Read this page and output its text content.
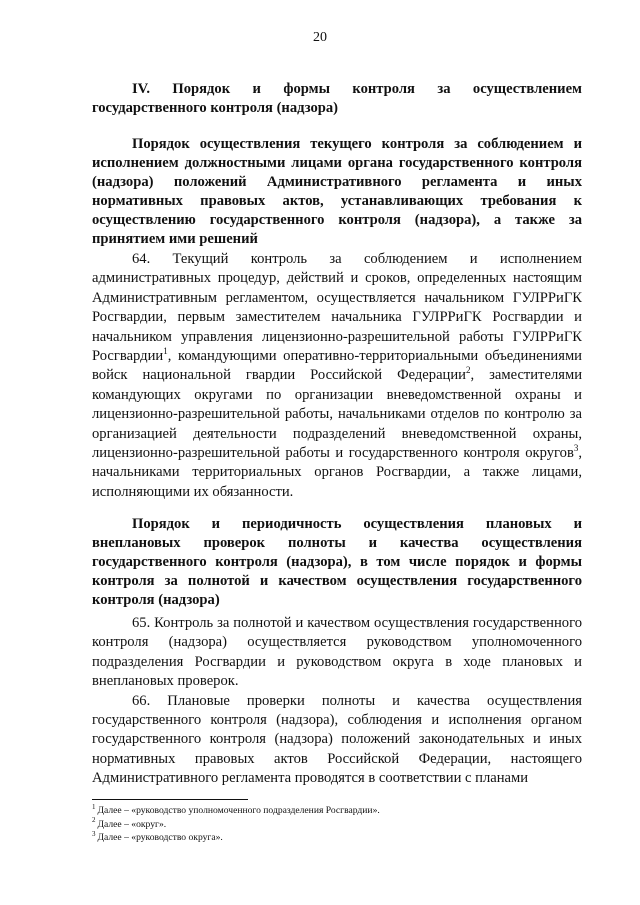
20

IV. Порядок и формы контроля за осуществлением государственного контроля (надзора)

Порядок осуществления текущего контроля за соблюдением и исполнением должностными лицами органа государственного контроля (надзора) положений Административного регламента и иных нормативных правовых актов, устанавливающих требования к осуществлению государственного контроля (надзора), а также за принятием ими решений

64. Текущий контроль за соблюдением и исполнением административных процедур, действий и сроков, определенных настоящим Административным регламентом, осуществляется начальником ГУЛРРиГК Росгвардии, первым заместителем начальника ГУЛРРиГК Росгвардии и начальником управления лицензионно-разрешительной работы ГУЛРРиГК Росгвардии$^1$, командующими оперативно-территориальными объединениями войск национальной гвардии Российской Федерации$^2$, заместителями командующих округами по организации вневедомственной охраны и лицензионно-разрешительной работы, начальниками отделов по контролю за организацией деятельности подразделений вневедомственной охраны, лицензионно-разрешительной работы и государственного контроля округов$^3$, начальниками территориальных органов Росгвардии, а также лицами, исполняющими их обязанности.

Порядок и периодичность осуществления плановых и внеплановых проверок полноты и качества осуществления государственного контроля (надзора), в том числе порядок и формы контроля за полнотой и качеством осуществления государственного контроля (надзора)

65. Контроль за полнотой и качеством осуществления государственного контроля (надзора) осуществляется руководством уполномоченного подразделения Росгвардии и руководством округа в ходе плановых и внеплановых проверок.

66. Плановые проверки полноты и качества осуществления государственного контроля (надзора), соблюдения и исполнения органом государственного контроля (надзора) положений законодательных и иных нормативных правовых актов Российской Федерации, настоящего Административного регламента проводятся в соответствии с планами

$^1$ Далее – «руководство уполномоченного подразделения Росгвардии».
$^2$ Далее – «округ».
$^3$ Далее – «руководство округа».
